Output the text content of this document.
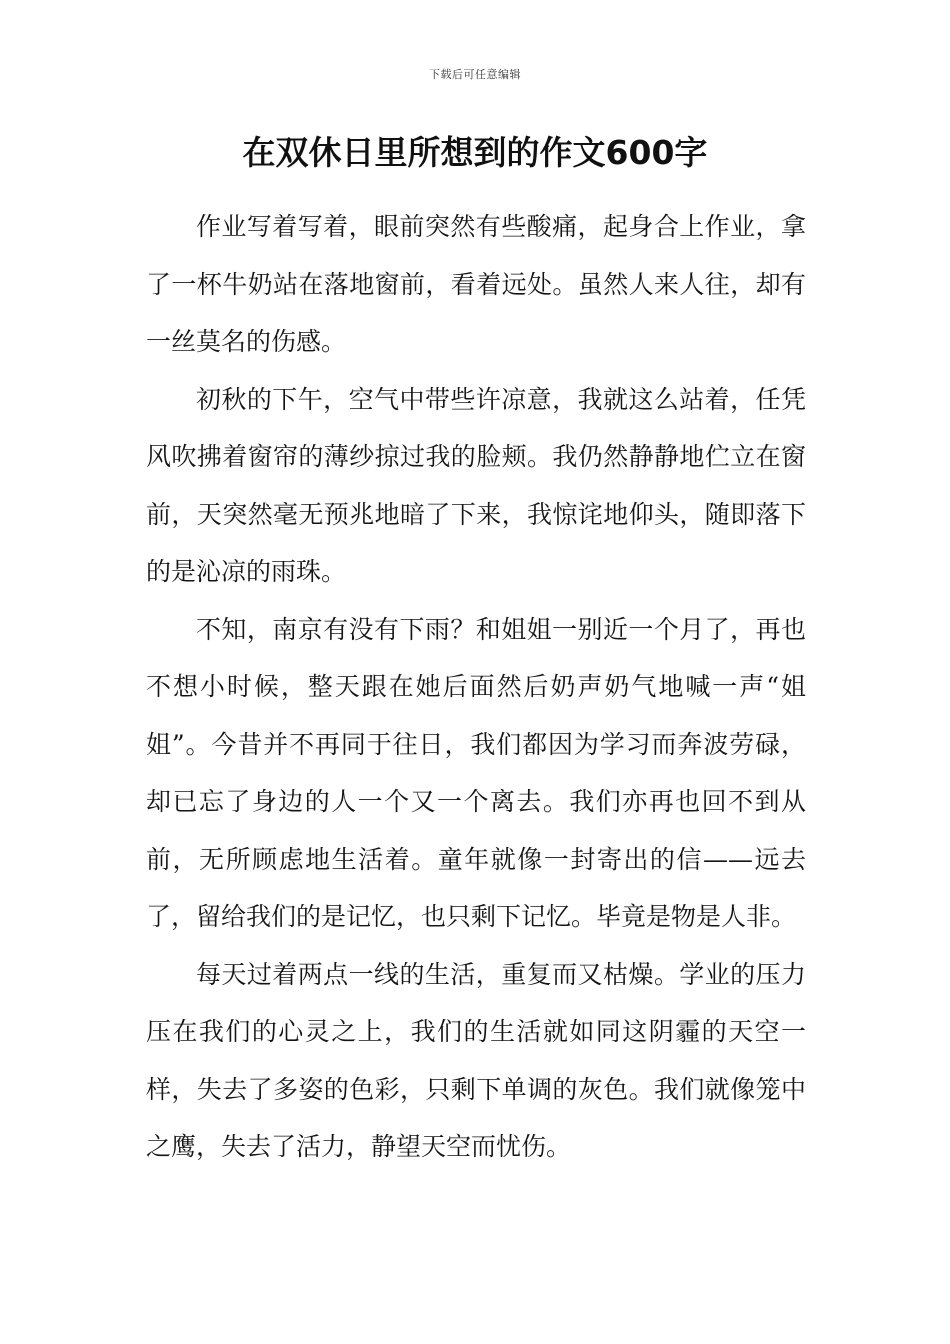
下载后可任意编辑
在双休日里所想到的作文600字

作业写着写着，眼前突然有些酸痛，起身合上作业，拿了一杯牛奶站在落地窗前，看着远处。虽然人来人往，却有一丝莫名的伤感。

初秋的下午，空气中带些许凉意，我就这么站着，任凭风吹拂着窗帘的薄纱掠过我的脸颊。我仍然静静地伫立在窗前，天突然毫无预兆地暗了下来，我惊诧地仰头，随即落下的是沁凉的雨珠。

不知，南京有没有下雨？和姐姐一别近一个月了，再也不想小时候，整天跟在她后面然后奶声奶气地喊一声“姐姐”。今昔并不再同于往日，我们都因为学习而奔波劳碌，却已忘了身边的人一个又一个离去。我们亦再也回不到从前，无所顾虑地生活着。童年就像一封寄出的信——远去了，留给我们的是记忆，也只剩下记忆。毕竟是物是人非。

每天过着两点一线的生活，重复而又枯燥。学业的压力压在我们的心灵之上，我们的生活就如同这阴霾的天空一样，失去了多姿的色彩，只剩下单调的灰色。我们就像笼中之鹰，失去了活力，静望天空而忧伤。
